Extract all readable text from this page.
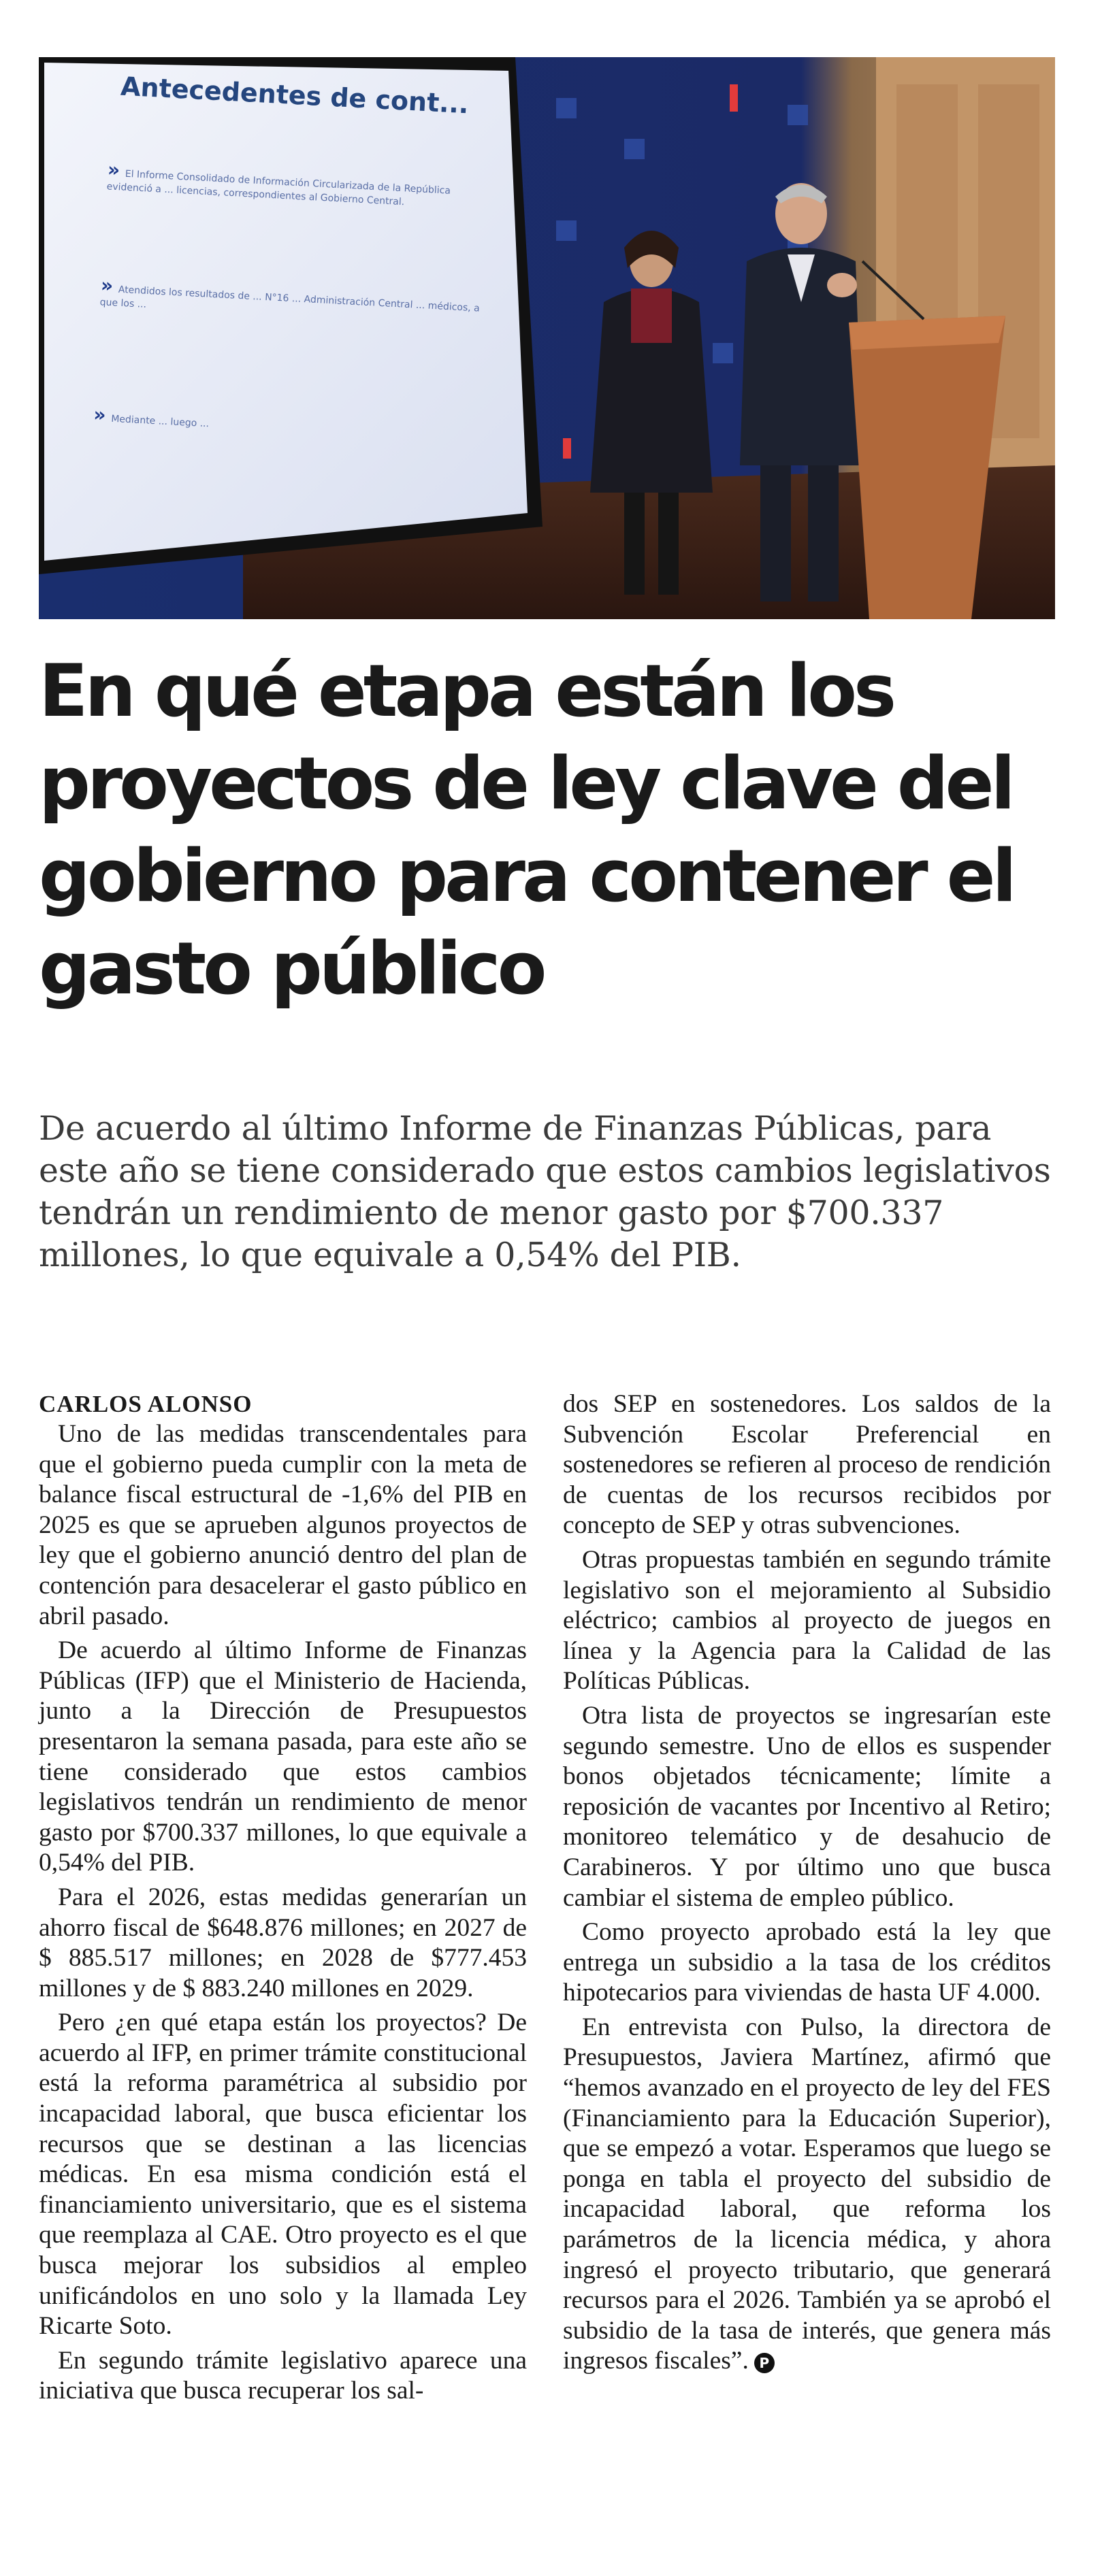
Antecedentes de cont...
» El Informe Consolidado de Información Circularizada de la República evidenció a ... licencias, correspondientes al Gobierno Central.
» Atendidos los resultados de ... N°16 ... Administración Central ... médicos, a que los ...
» Mediante ... luego ...
En qué etapa están los proyectos de ley clave del gobierno para contener el gasto público

De acuerdo al último Informe de Finanzas Públicas, para este año se tiene considerado que estos cambios legislativos tendrán un rendimiento de menor gasto por $700.337 millones, lo que equivale a 0,54% del PIB.

CARLOS ALONSO

Uno de las medidas transcendentales para que el gobierno pueda cumplir con la meta de balance fiscal estructural de -1,6% del PIB en 2025 es que se aprueben algunos proyectos de ley que el gobierno anunció dentro del plan de contención para desacelerar el gasto público en abril pasado.

De acuerdo al último Informe de Finanzas Públicas (IFP) que el Ministerio de Hacienda, junto a la Dirección de Presupuestos presentaron la semana pasada, para este año se tiene considerado que estos cambios legislativos tendrán un rendimiento de menor gasto por $700.337 millones, lo que equivale a 0,54% del PIB.

Para el 2026, estas medidas generarían un ahorro fiscal de $648.876 millones; en 2027 de $ 885.517 millones; en 2028 de $777.453 millones y de $ 883.240 millones en 2029.

Pero ¿en qué etapa están los proyectos? De acuerdo al IFP, en primer trámite constitucional está la reforma paramétrica al subsidio por incapacidad laboral, que busca eficientar los recursos que se destinan a las licencias médicas. En esa misma condición está el financiamiento universitario, que es el sistema que reemplaza al CAE. Otro proyecto es el que busca mejorar los subsidios al empleo unificándolos en uno solo y la llamada Ley Ricarte Soto.

En segundo trámite legislativo aparece una iniciativa que busca recuperar los sal-

dos SEP en sostenedores. Los saldos de la Subvención Escolar Preferencial en sostenedores se refieren al proceso de rendición de cuentas de los recursos recibidos por concepto de SEP y otras subvenciones.

Otras propuestas también en segundo trámite legislativo son el mejoramiento al Subsidio eléctrico; cambios al proyecto de juegos en línea y la Agencia para la Calidad de las Políticas Públicas.

Otra lista de proyectos se ingresarían este segundo semestre. Uno de ellos es suspender bonos objetados técnicamente; límite a reposición de vacantes por Incentivo al Retiro; monitoreo telemático y de desahucio de Carabineros. Y por último uno que busca cambiar el sistema de empleo público.

Como proyecto aprobado está la ley que entrega un subsidio a la tasa de los créditos hipotecarios para viviendas de hasta UF 4.000.

En entrevista con Pulso, la directora de Presupuestos, Javiera Martínez, afirmó que “hemos avanzado en el proyecto de ley del FES (Financiamiento para la Educación Superior), que se empezó a votar. Esperamos que luego se ponga en tabla el proyecto del subsidio de incapacidad laboral, que reforma los parámetros de la licencia médica, y ahora ingresó el proyecto tributario, que generará recursos para el 2026. También ya se aprobó el subsidio de la tasa de interés, que genera más ingresos fiscales”. P
